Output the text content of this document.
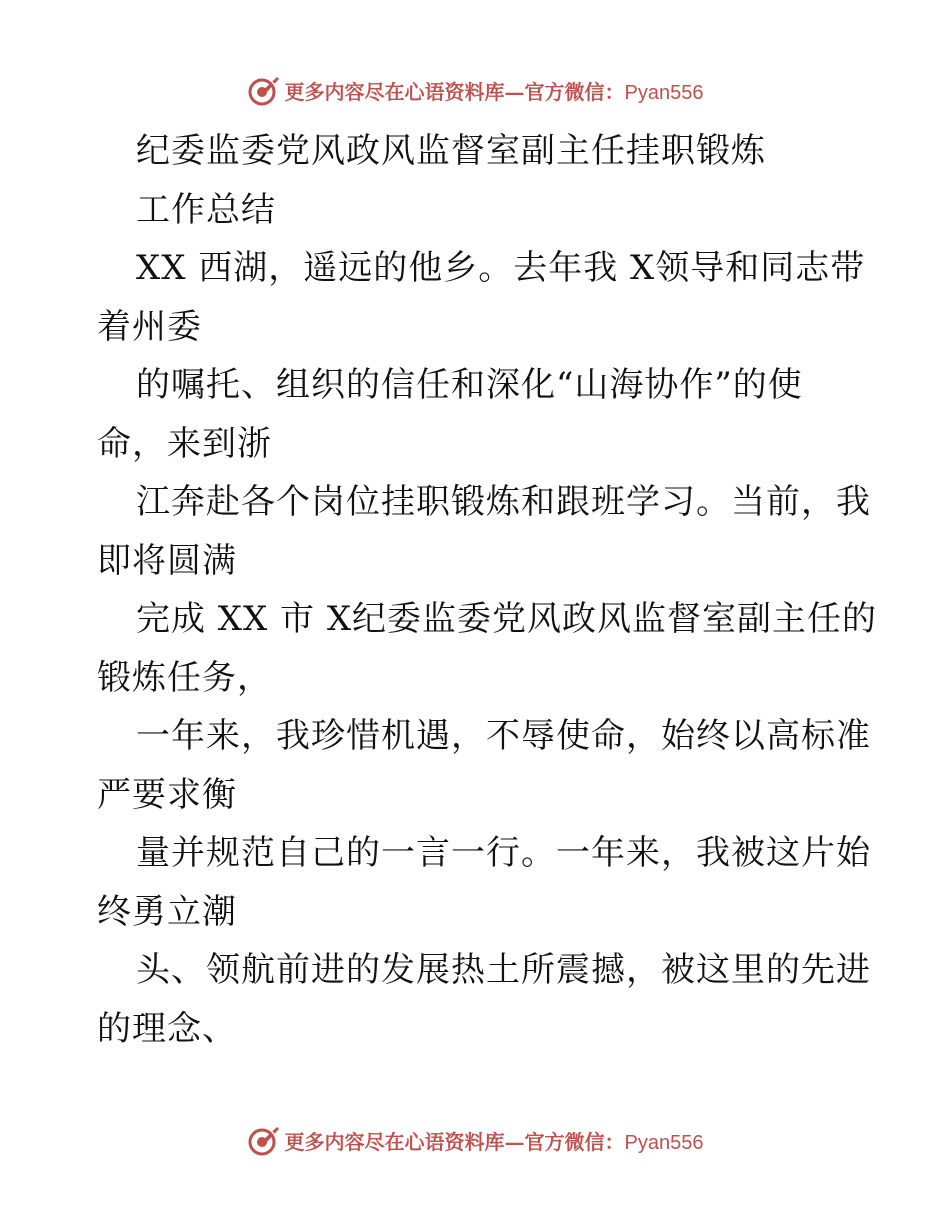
更多内容尽在心语资料库—官方微信：Pyan556
纪委监委党风政风监督室副主任挂职锻炼
工作总结
XX 西湖，遥远的他乡。去年我 X领导和同志带
着州委
的嘱托、组织的信任和深化“山海协作”的使
命，来到浙
江奔赴各个岗位挂职锻炼和跟班学习。当前，我
即将圆满
完成 XX 市 X纪委监委党风政风监督室副主任的
锻炼任务，
一年来，我珍惜机遇，不辱使命，始终以高标准
严要求衡
量并规范自己的一言一行。一年来，我被这片始
终勇立潮
头、领航前进的发展热土所震撼，被这里的先进
的理念、
更多内容尽在心语资料库—官方微信：Pyan556
